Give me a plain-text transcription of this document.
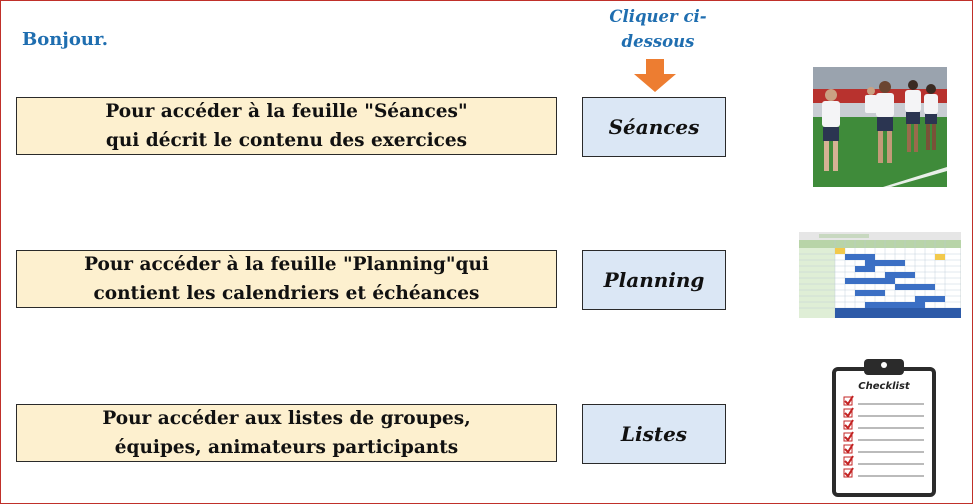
Bonjour.
Cliquer ci-
dessous
Pour accéder à la feuille "Séances"
qui décrit le contenu des exercices
Séances
Pour accéder à la feuille "Planning"qui
contient les calendriers et échéances
Planning
Pour accéder aux listes de groupes,
équipes, animateurs participants
Listes
Checklist
